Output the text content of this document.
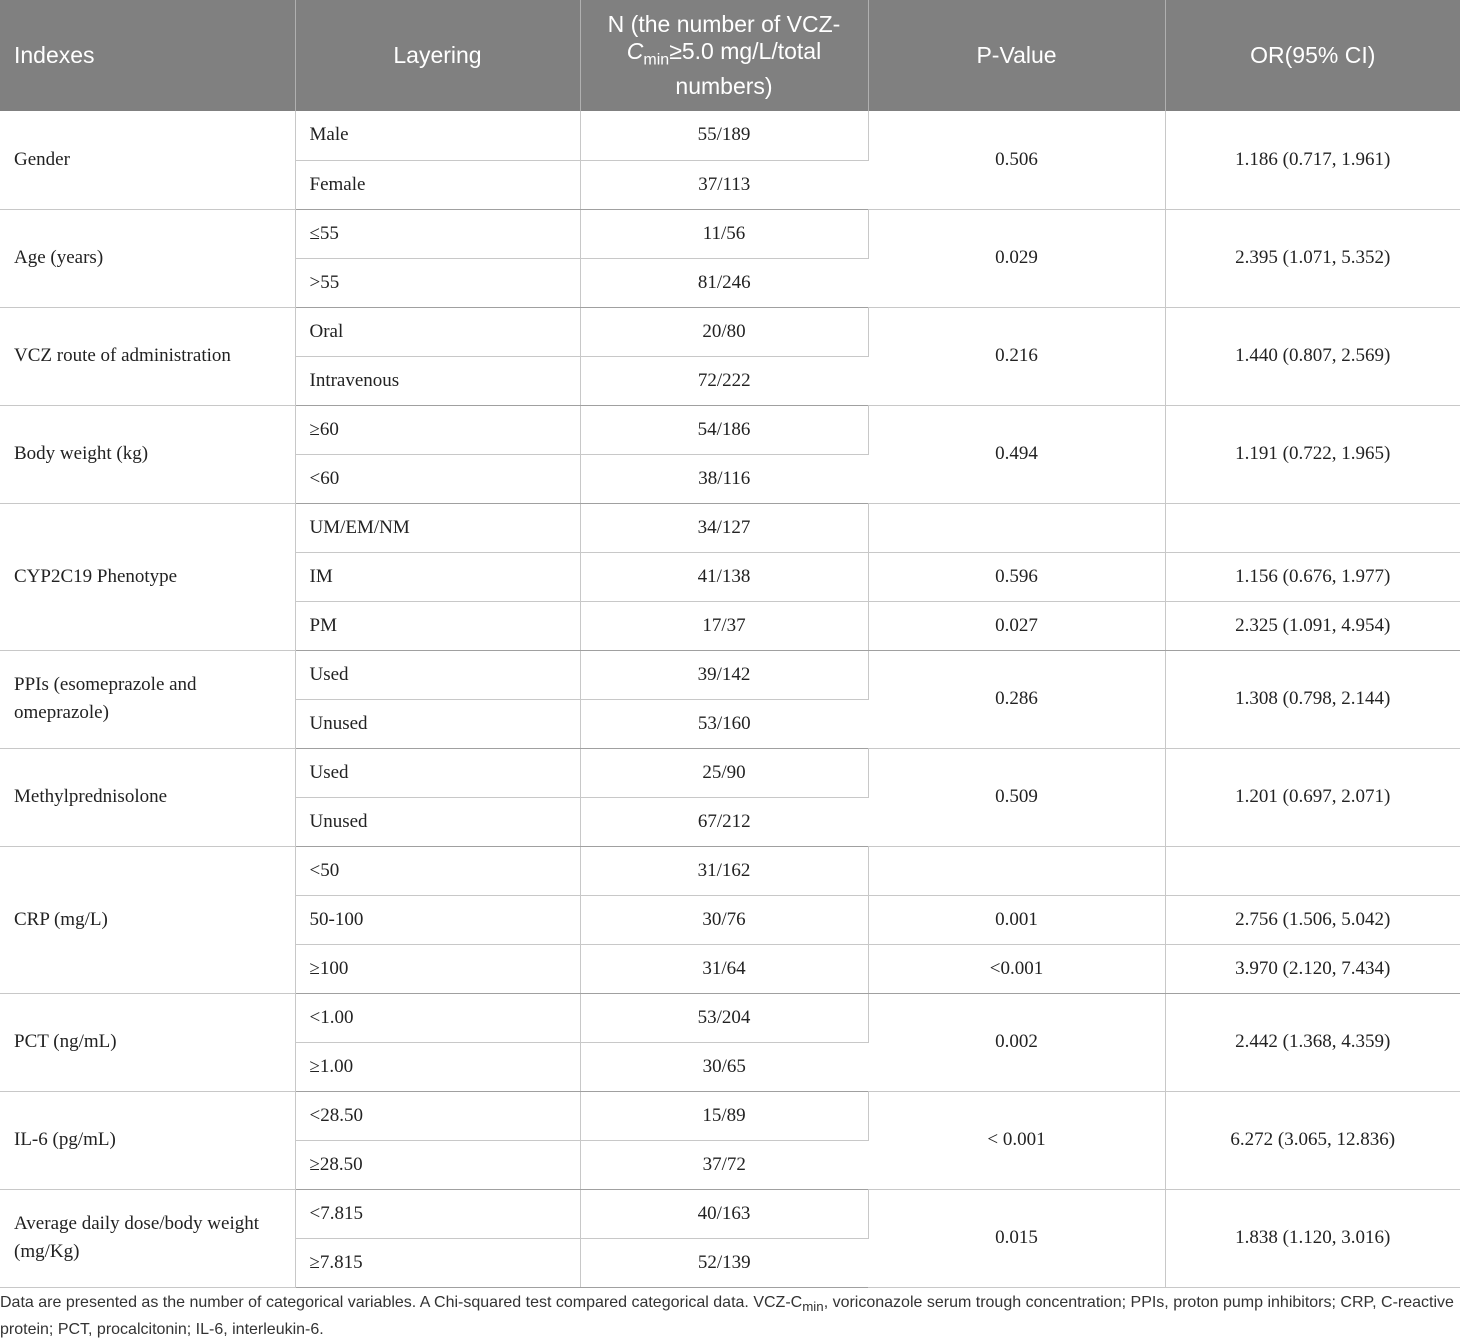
Indexes	Layering	N (the number of VCZ-
$C_{min}\ge 5.0$ mg/L/total
numbers)	P-Value	OR(95% CI)
Gender	Male	55/189	0.506	1.186 (0.717, 1.961)
	Female	37/113		
Age (years)	≤55	11/56	0.029	2.395 (1.071, 5.352)
	>55	81/246		
VCZ route of administration	Oral	20/80	0.216	1.440 (0.807, 2.569)
	Intravenous	72/222		
Body weight (kg)	≥60	54/186	0.494	1.191 (0.722, 1.965)
	<60	38/116		
CYP2C19 Phenotype	UM/EM/NM	34/127		
	IM	41/138	0.596	1.156 (0.676, 1.977)
	PM	17/37	0.027	2.325 (1.091, 4.954)
PPIs (esomeprazole and omeprazole)	Used	39/142	0.286	1.308 (0.798, 2.144)
	Unused	53/160		
Methylprednisolone	Used	25/90	0.509	1.201 (0.697, 2.071)
	Unused	67/212		
CRP (mg/L)	<50	31/162		
	50-100	30/76	0.001	2.756 (1.506, 5.042)
	≥100	31/64	<0.001	3.970 (2.120, 7.434)
PCT (ng/mL)	<1.00	53/204	0.002	2.442 (1.368, 4.359)
	≥1.00	30/65		
IL-6 (pg/mL)	<28.50	15/89	< 0.001	6.272 (3.065, 12.836)
	≥28.50	37/72		
Average daily dose/body weight (mg/Kg)	<7.815	40/163	0.015	1.838 (1.120, 3.016)
	≥7.815	52/139		
Data are presented as the number of categorical variables. A Chi-squared test compared categorical data. VCZ-$C_{min}$, voriconazole serum trough concentration; PPIs, proton pump inhibitors; CRP, C-reactive protein; PCT, procalcitonin; IL-6, interleukin-6.
